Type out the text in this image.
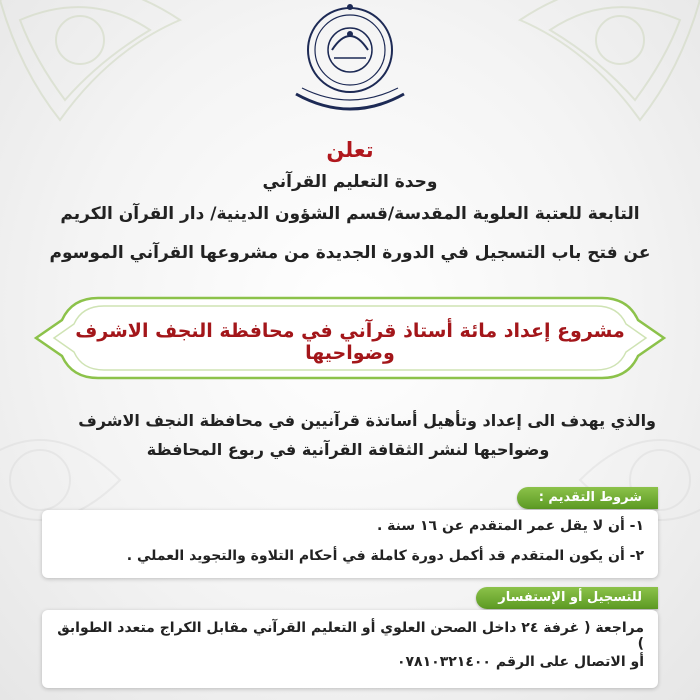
تعلن
وحدة التعليم القرآني
التابعة للعتبة العلوية المقدسة/قسم الشؤون الدينية/ دار القرآن الكريم
عن فتح باب التسجيل في الدورة الجديدة من مشروعها القرآني الموسوم
مشروع إعداد مائة أستاذ قرآني في محافظة النجف الاشرف وضواحيها
والذي يهدف الى إعداد وتأهيل أساتذة قرآنيين في محافظة النجف الاشرف
وضواحيها لنشر الثقافة القرآنية في ربوع المحافظة
شروط التقديم :
١- أن لا يقل عمر المتقدم عن ١٦ سنة .
٢- أن يكون المتقدم قد أكمل دورة كاملة في أحكام التلاوة والتجويد العملي .
للتسجيل أو الإستفسار
مراجعة ( غرفة ٢٤ داخل الصحن العلوي أو التعليم القرآني مقابل الكراج متعدد الطوابق )
أو الاتصال على الرقم ٠٧٨١٠٣٢١٤٠٠
